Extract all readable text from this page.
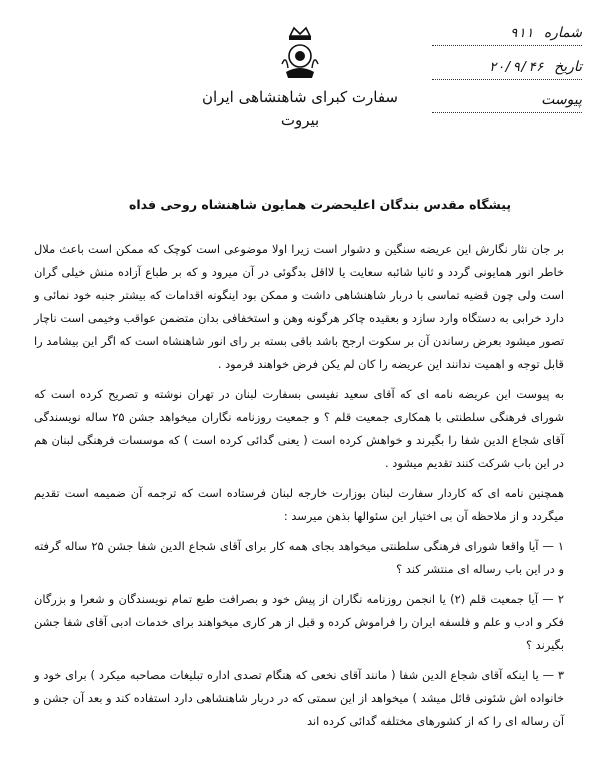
سفارت کبرای شاهنشاهی ایران
بیروت
شماره ۹۱۱
تاریخ ۲۰/۹/۴۶
پیوست
پیشگاه مقدس بندگان اعلیحضرت همایون شاهنشاه روحی فداه

بر جان نثار نگارش این عریضه سنگین و دشوار است زیرا اولا موضوعی است کوچک که ممکن است باعث ملال خاطر انور همایونی گردد و ثانیا شائبه سعایت یا لااقل بدگوئی در آن میرود و که بر طباع آزاده منش خیلی گران است ولی چون قضیه تماسی با دربار شاهنشاهی داشت و ممکن بود اینگونه اقدامات که بیشتر جنبه خود نمائی و دارد خرابی به دستگاه وارد سازد و بعقیده چاکر هرگونه وهن و استخفافی بدان متضمن عواقب وخیمی است ناچار تصور میشود بعرض رساندن آن بر سکوت ارجح باشد باقی بسته بر رای انور شاهنشاه است که اگر این بیشامد را قابل توجه و اهمیت ندانند این عریضه را کان لم یکن فرض خواهند فرمود .

به پیوست این عریضه نامه ای که آقای سعید نفیسی بسفارت لبنان در تهران نوشته و تصریح کرده است که شورای فرهنگی سلطنتی با همکاری جمعیت قلم ؟ و جمعیت روزنامه نگاران میخواهد جشن ۲۵ ساله نویسندگی آقای شجاع الدین شفا را بگیرند و خواهش کرده است ( یعنی گدائی کرده است ) که موسسات فرهنگی لبنان هم در این باب شرکت کنند تقدیم میشود .

همچنین نامه ای که کاردار سفارت لبنان بوزارت خارجه لبنان فرستاده است که ترجمه آن ضمیمه است تقدیم میگردد و از ملاحظه آن بی اختیار این سئوالها بذهن میرسد :

۱ — آیا واقعا شورای فرهنگی سلطنتی میخواهد بجای همه کار برای آقای شجاع الدین شفا جشن ۲۵ ساله گرفته و در این باب رساله ای منتشر کند ؟

۲ — آیا جمعیت قلم (۲) یا انجمن روزنامه نگاران از پیش خود و بصرافت طبع تمام نویسندگان و شعرا و بزرگان فکر و ادب و علم و فلسفه ایران را فراموش کرده و قبل از هر کاری میخواهند برای خدمات ادبی آقای شفا جشن بگیرند ؟

۳ — یا اینکه آقای شجاع الدین شفا ( مانند آقای نخعی که هنگام تصدی اداره تبلیغات مصاحبه میکرد ) برای خود و خانواده اش شئونی قائل میشد ) میخواهد از این سمتی که در دربار شاهنشاهی دارد استفاده کند و بعد آن جشن و آن رساله ای را که از کشورهای مختلفه گدائی کرده اند
